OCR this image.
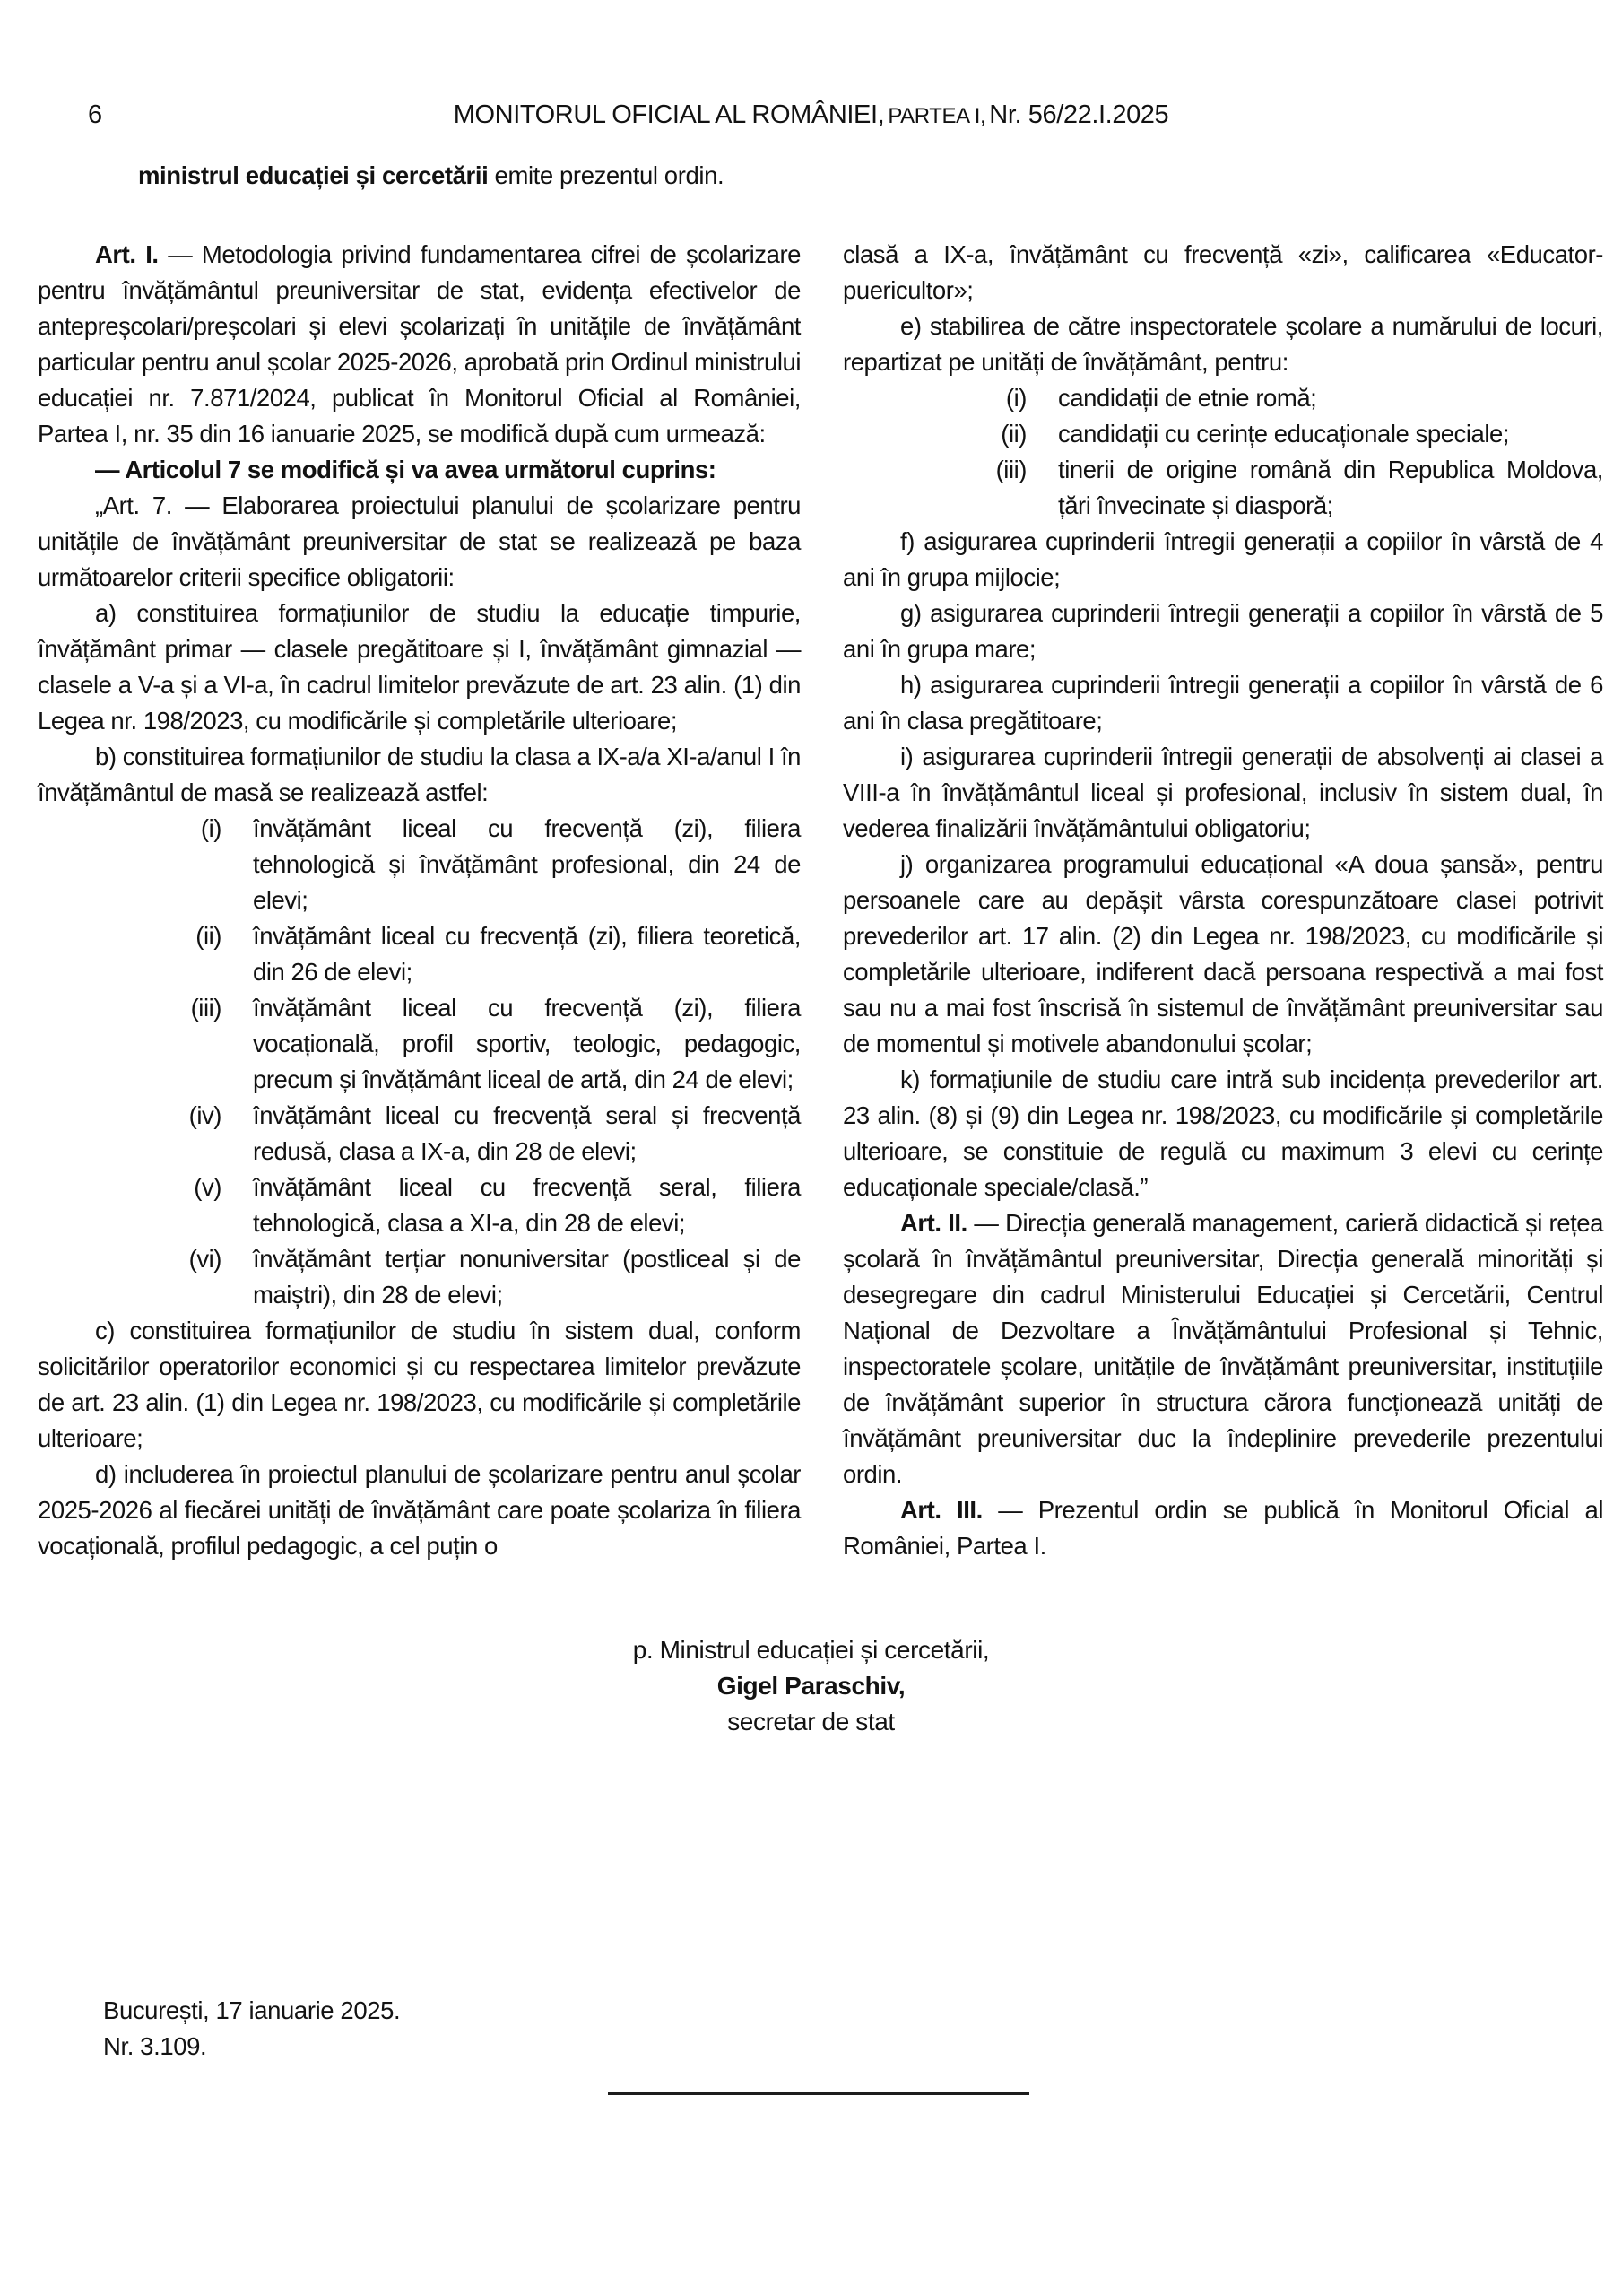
6	MONITORUL OFICIAL AL ROMÂNIEI, PARTEA I, Nr. 56/22.I.2025
ministrul educației și cercetării emite prezentul ordin.
Art. I. — Metodologia privind fundamentarea cifrei de școlarizare pentru învățământul preuniversitar de stat, evidența efectivelor de antepreșcolari/preșcolari și elevi școlarizați în unitățile de învățământ particular pentru anul școlar 2025-2026, aprobată prin Ordinul ministrului educației nr. 7.871/2024, publicat în Monitorul Oficial al României, Partea I, nr. 35 din 16 ianuarie 2025, se modifică după cum urmează:
— Articolul 7 se modifică și va avea următorul cuprins:
„Art. 7. — Elaborarea proiectului planului de școlarizare pentru unitățile de învățământ preuniversitar de stat se realizează pe baza următoarelor criterii specifice obligatorii:
a) constituirea formațiunilor de studiu la educație timpurie, învățământ primar — clasele pregătitoare și I, învățământ gimnazial — clasele a V-a și a VI-a, în cadrul limitelor prevăzute de art. 23 alin. (1) din Legea nr. 198/2023, cu modificările și completările ulterioare;
b) constituirea formațiunilor de studiu la clasa a IX-a/a XI-a/anul I în învățământul de masă se realizează astfel:
(i) învățământ liceal cu frecvență (zi), filiera tehnologică și învățământ profesional, din 24 de elevi;
(ii) învățământ liceal cu frecvență (zi), filiera teoretică, din 26 de elevi;
(iii) învățământ liceal cu frecvență (zi), filiera vocațională, profil sportiv, teologic, pedagogic, precum și învățământ liceal de artă, din 24 de elevi;
(iv) învățământ liceal cu frecvență seral și frecvență redusă, clasa a IX-a, din 28 de elevi;
(v) învățământ liceal cu frecvență seral, filiera tehnologică, clasa a XI-a, din 28 de elevi;
(vi) învățământ terțiar nonuniversitar (postliceal și de maiștri), din 28 de elevi;
c) constituirea formațiunilor de studiu în sistem dual, conform solicitărilor operatorilor economici și cu respectarea limitelor prevăzute de art. 23 alin. (1) din Legea nr. 198/2023, cu modificările și completările ulterioare;
d) includerea în proiectul planului de școlarizare pentru anul școlar 2025-2026 al fiecărei unități de învățământ care poate școlariza în filiera vocațională, profilul pedagogic, a cel puțin o
clasă a IX-a, învățământ cu frecvență «zi», calificarea «Educator-puericultor»;
e) stabilirea de către inspectoratele școlare a numărului de locuri, repartizat pe unități de învățământ, pentru:
(i) candidații de etnie romă;
(ii) candidații cu cerințe educaționale speciale;
(iii) tinerii de origine română din Republica Moldova, țări învecinate și diasporă;
f) asigurarea cuprinderii întregii generații a copiilor în vârstă de 4 ani în grupa mijlocie;
g) asigurarea cuprinderii întregii generații a copiilor în vârstă de 5 ani în grupa mare;
h) asigurarea cuprinderii întregii generații a copiilor în vârstă de 6 ani în clasa pregătitoare;
i) asigurarea cuprinderii întregii generații de absolvenți ai clasei a VIII-a în învățământul liceal și profesional, inclusiv în sistem dual, în vederea finalizării învățământului obligatoriu;
j) organizarea programului educațional «A doua șansă», pentru persoanele care au depășit vârsta corespunzătoare clasei potrivit prevederilor art. 17 alin. (2) din Legea nr. 198/2023, cu modificările și completările ulterioare, indiferent dacă persoana respectivă a mai fost sau nu a mai fost înscrisă în sistemul de învățământ preuniversitar sau de momentul și motivele abandonului școlar;
k) formațiunile de studiu care intră sub incidența prevederilor art. 23 alin. (8) și (9) din Legea nr. 198/2023, cu modificările și completările ulterioare, se constituie de regulă cu maximum 3 elevi cu cerințe educaționale speciale/clasă.”
Art. II. — Direcția generală management, carieră didactică și rețea școlară în învățământul preuniversitar, Direcția generală minorități și desegregare din cadrul Ministerului Educației și Cercetării, Centrul Național de Dezvoltare a Învățământului Profesional și Tehnic, inspectoratele școlare, unitățile de învățământ preuniversitar, instituțiile de învățământ superior în structura cărora funcționează unități de învățământ preuniversitar duc la îndeplinire prevederile prezentului ordin.
Art. III. — Prezentul ordin se publică în Monitorul Oficial al României, Partea I.
p. Ministrul educației și cercetării,
Gigel Paraschiv,
secretar de stat
București, 17 ianuarie 2025.
Nr. 3.109.
